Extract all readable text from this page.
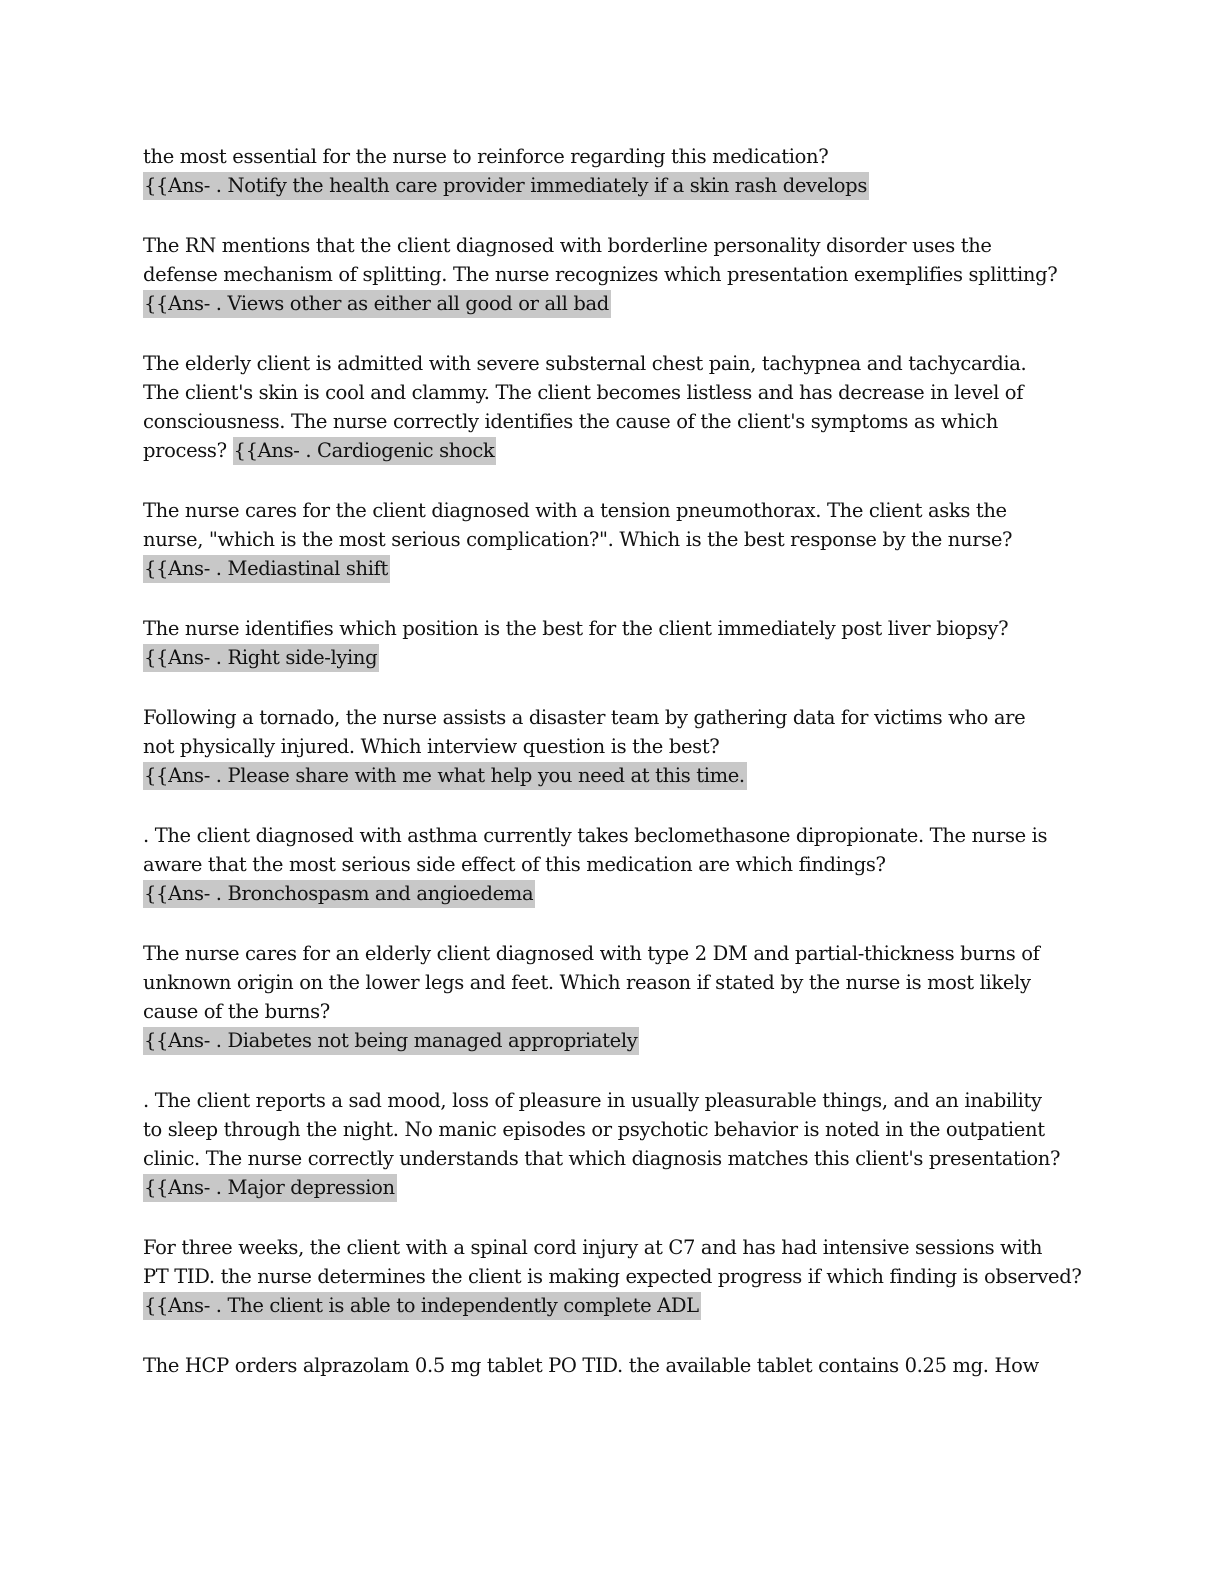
the most essential for the nurse to reinforce regarding this medication?
{{Ans- . Notify the health care provider immediately if a skin rash develops
The RN mentions that the client diagnosed with borderline personality disorder uses the
defense mechanism of splitting. The nurse recognizes which presentation exemplifies splitting?
{{Ans- . Views other as either all good or all bad
The elderly client is admitted with severe substernal chest pain, tachypnea and tachycardia.
The client's skin is cool and clammy. The client becomes listless and has decrease in level of
consciousness. The nurse correctly identifies the cause of the client's symptoms as which
process? {{Ans- . Cardiogenic shock
The nurse cares for the client diagnosed with a tension pneumothorax. The client asks the
nurse, "which is the most serious complication?". Which is the best response by the nurse?
{{Ans- . Mediastinal shift
The nurse identifies which position is the best for the client immediately post liver biopsy?
{{Ans- . Right side-lying
Following a tornado, the nurse assists a disaster team by gathering data for victims who are
not physically injured. Which interview question is the best?
{{Ans- . Please share with me what help you need at this time.
. The client diagnosed with asthma currently takes beclomethasone dipropionate. The nurse is
aware that the most serious side effect of this medication are which findings?
{{Ans- . Bronchospasm and angioedema
The nurse cares for an elderly client diagnosed with type 2 DM and partial-thickness burns of
unknown origin on the lower legs and feet. Which reason if stated by the nurse is most likely
cause of the burns?
{{Ans- . Diabetes not being managed appropriately
. The client reports a sad mood, loss of pleasure in usually pleasurable things, and an inability
to sleep through the night. No manic episodes or psychotic behavior is noted in the outpatient
clinic. The nurse correctly understands that which diagnosis matches this client's presentation?
{{Ans- . Major depression
For three weeks, the client with a spinal cord injury at C7 and has had intensive sessions with
PT TID. the nurse determines the client is making expected progress if which finding is observed?
{{Ans- . The client is able to independently complete ADL
The HCP orders alprazolam 0.5 mg tablet PO TID. the available tablet contains 0.25 mg. How
